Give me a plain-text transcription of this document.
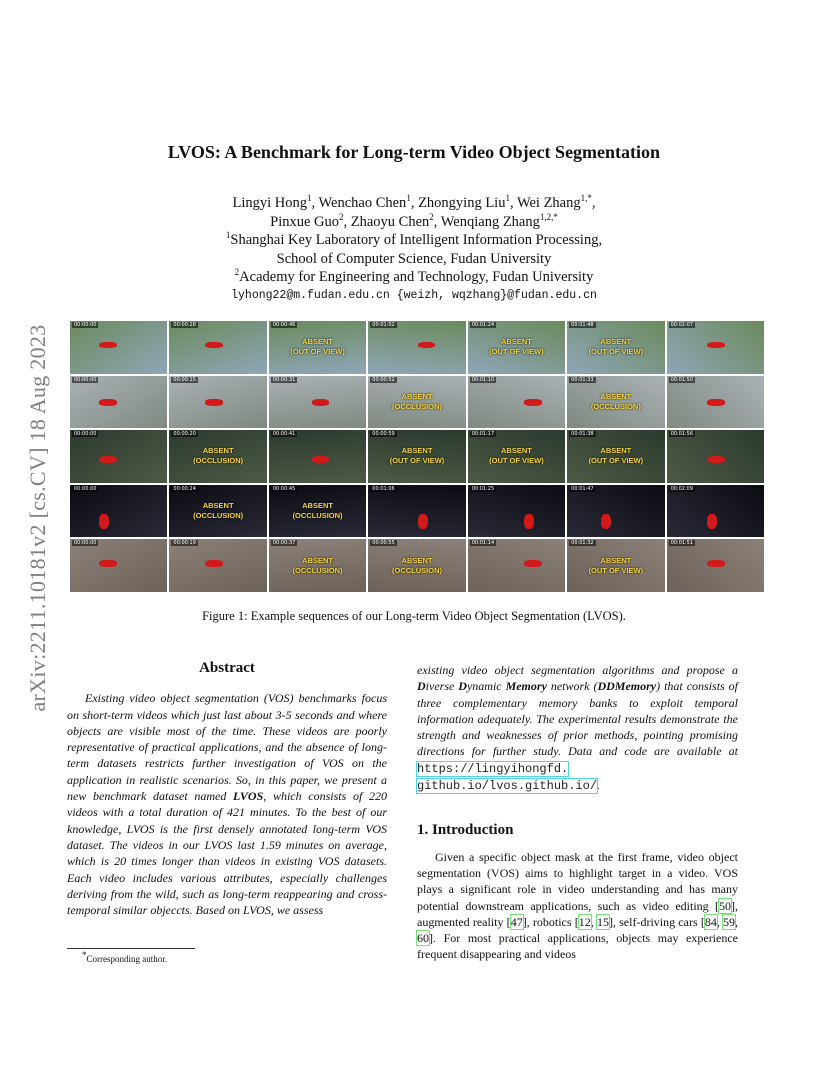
arXiv:2211.10181v2 [cs.CV] 18 Aug 2023
LVOS: A Benchmark for Long-term Video Object Segmentation
Lingyi Hong$^1$, Wenchao Chen$^1$, Zhongying Liu$^1$, Wei Zhang$^{1,*}$,
Pinxue Guo$^2$, Zhaoyu Chen$^2$, Wenqiang Zhang$^{1,2,*}$
$^1$Shanghai Key Laboratory of Intelligent Information Processing,
School of Computer Science, Fudan University
$^2$Academy for Engineering and Technology, Fudan University
lyhong22@m.fudan.edu.cn {weizh, wqzhang}@fudan.edu.cn
00:00:00	00:00:28	00:00:46
ABSENT
(OUT OF VIEW)
00:01:02	00:01:24
ABSENT
(OUT OF VIEW)
00:01:48
ABSENT
(OUT OF VIEW)
00:02:07
00:00:00	00:00:15	00:00:31	00:00:52
ABSENT
(OCCLUSION)
00:01:10	00:01:33
ABSENT
(OCCLUSION)
00:01:50
00:00:00	00:00:20
ABSENT
(OCCLUSION)
00:00:41	00:00:59
ABSENT
(OUT OF VIEW)
00:01:17
ABSENT
(OUT OF VIEW)
00:01:38
ABSENT
(OUT OF VIEW)
00:01:56
00:00:00	00:00:24
ABSENT
(OCCLUSION)
00:00:45
ABSENT
(OCCLUSION)
00:01:06	00:01:25	00:01:47	00:02:09
00:00:00	00:00:19	00:00:37
ABSENT
(OCCLUSION)
00:00:55
ABSENT
(OCCLUSION)
00:01:14	00:01:32
ABSENT
(OUT OF VIEW)
00:01:51
Figure 1: Example sequences of our Long-term Video Object Segmentation (LVOS).
Abstract

Existing video object segmentation (VOS) benchmarks focus on short-term videos which just last about 3-5 seconds and where objects are visible most of the time. These videos are poorly representative of practical applications, and the absence of long-term datasets restricts further investigation of VOS on the application in realistic scenarios. So, in this paper, we present a new benchmark dataset named LVOS, which consists of 220 videos with a total duration of 421 minutes. To the best of our knowledge, LVOS is the first densely annotated long-term VOS dataset. The videos in our LVOS last 1.59 minutes on average, which is 20 times longer than videos in existing VOS datasets. Each video includes various attributes, especially challenges deriving from the wild, such as long-term reappearing and cross-temporal similar objeccts. Based on LVOS, we assess

existing video object segmentation algorithms and propose a Diverse Dynamic Memory network (DDMemory) that consists of three complementary memory banks to exploit temporal information adequately. The experimental results demonstrate the strength and weaknesses of prior methods, pointing promising directions for further study. Data and code are available at https://lingyihongfd. github.io/lvos.github.io/.

1. Introduction

Given a specific object mask at the first frame, video object segmentation (VOS) aims to highlight target in a video. VOS plays a significant role in video understanding and has many potential downstream applications, such as video editing [50], augmented reality [47], robotics [12, 15], self-driving cars [84, 59, 60]. For most practical applications, objects may experience frequent disappearing and videos

*Corresponding author.
